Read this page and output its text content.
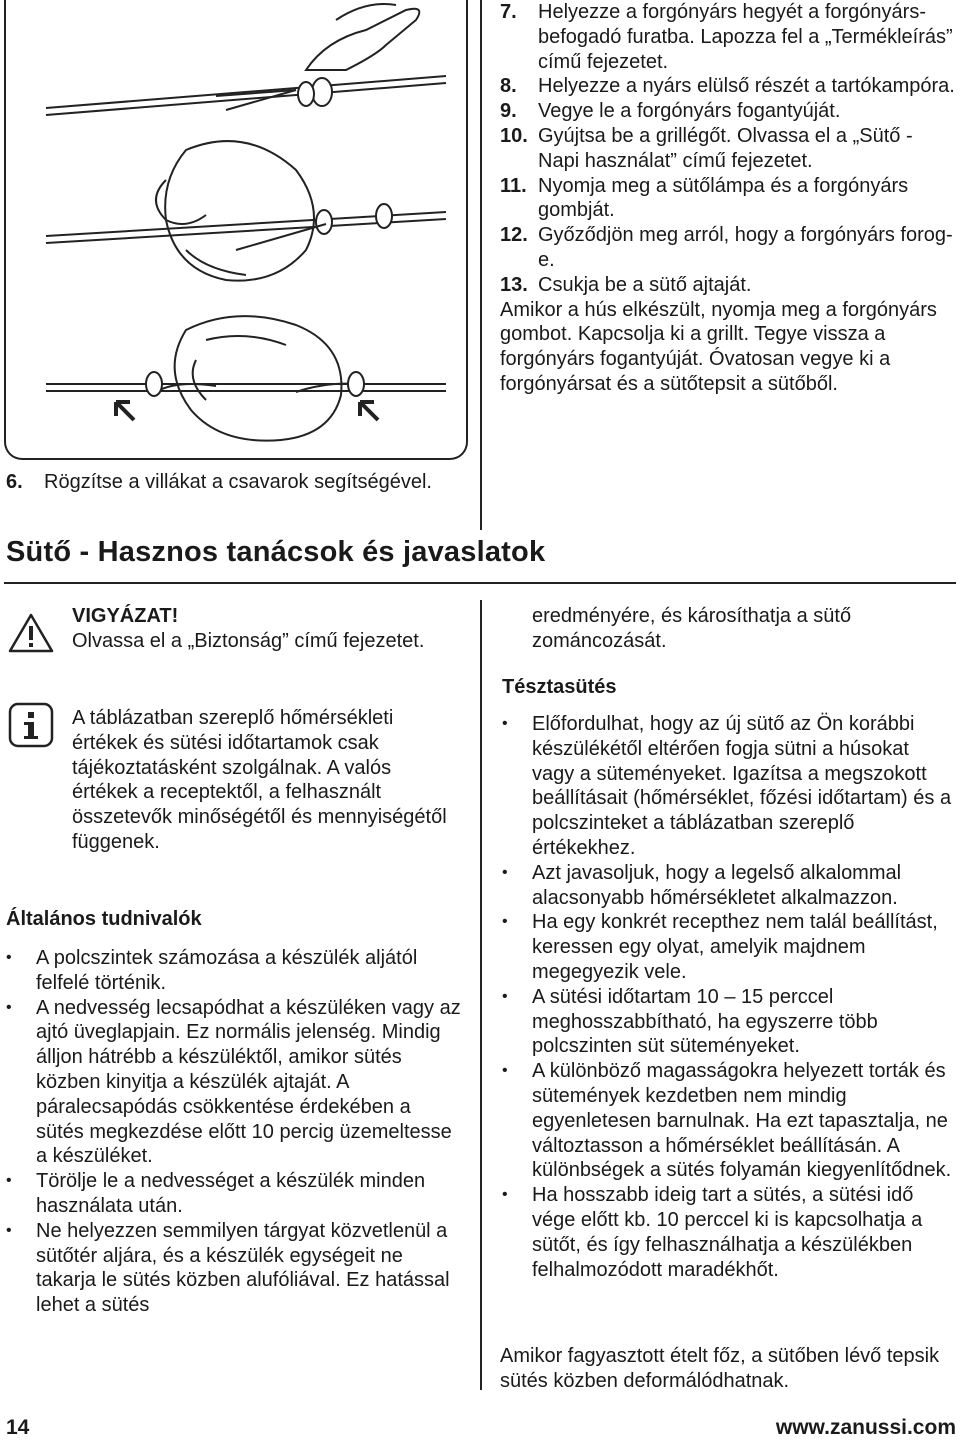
6. Rögzítse a villákat a csavarok segítségével.
7. Helyezze a forgónyárs hegyét a forgónyárs-befogadó furatba. Lapozza fel a „Termékleírás” című fejezetet.
8. Helyezze a nyárs elülső részét a tartókampóra.
9. Vegye le a forgónyárs fogantyúját.
10. Gyújtsa be a grillégőt. Olvassa el a „Sütő - Napi használat” című fejezetet.
11. Nyomja meg a sütőlámpa és a forgónyárs gombját.
12. Győződjön meg arról, hogy a forgónyárs forog-e.
13. Csukja be a sütő ajtaját.
Amikor a hús elkészült, nyomja meg a forgónyárs gombot. Kapcsolja ki a grillt. Tegye vissza a forgónyárs fogantyúját. Óvatosan vegye ki a forgónyársat és a sütőtepsit a sütőből.
Sütő - Hasznos tanácsok és javaslatok
VIGYÁZAT!
Olvassa el a „Biztonság” című fejezetet.
A táblázatban szereplő hőmérsékleti értékek és sütési időtartamok csak tájékoztatásként szolgálnak. A valós értékek a receptektől, a felhasznált összetevők minőségétől és mennyiségétől függenek.
Általános tudnivalók
• A polcszintek számozása a készülék aljától felfelé történik.
• A nedvesség lecsapódhat a készüléken vagy az ajtó üveglapjain. Ez normális jelenség. Mindig álljon hátrébb a készüléktől, amikor sütés közben kinyitja a készülék ajtaját. A páralecsapódás csökkentése érdekében a sütés megkezdése előtt 10 percig üzemeltesse a készüléket.
• Törölje le a nedvességet a készülék minden használata után.
• Ne helyezzen semmilyen tárgyat közvetlenül a sütőtér aljára, és a készülék egységeit ne takarja le sütés közben alufóliával. Ez hatással lehet a sütés
eredményére, és károsíthatja a sütő zománcozását.
Tésztasütés
• Előfordulhat, hogy az új sütő az Ön korábbi készülékétől eltérően fogja sütni a húsokat vagy a süteményeket. Igazítsa a megszokott beállításait (hőmérséklet, főzési időtartam) és a polcszinteket a táblázatban szereplő értékekhez.
• Azt javasoljuk, hogy a legelső alkalommal alacsonyabb hőmérsékletet alkalmazzon.
• Ha egy konkrét recepthez nem talál beállítást, keressen egy olyat, amelyik majdnem megegyezik vele.
• A sütési időtartam 10 – 15 perccel meghosszabbítható, ha egyszerre több polcszinten süt süteményeket.
• A különböző magasságokra helyezett torták és sütemények kezdetben nem mindig egyenletesen barnulnak. Ha ezt tapasztalja, ne változtasson a hőmérséklet beállításán. A különbségek a sütés folyamán kiegyenlítődnek.
• Ha hosszabb ideig tart a sütés, a sütési idő vége előtt kb. 10 perccel ki is kapcsolhatja a sütőt, és így felhasználhatja a készülékben felhalmozódott maradékhőt.
Amikor fagyasztott ételt főz, a sütőben lévő tepsik sütés közben deformálódhatnak.
14	www.zanussi.com
